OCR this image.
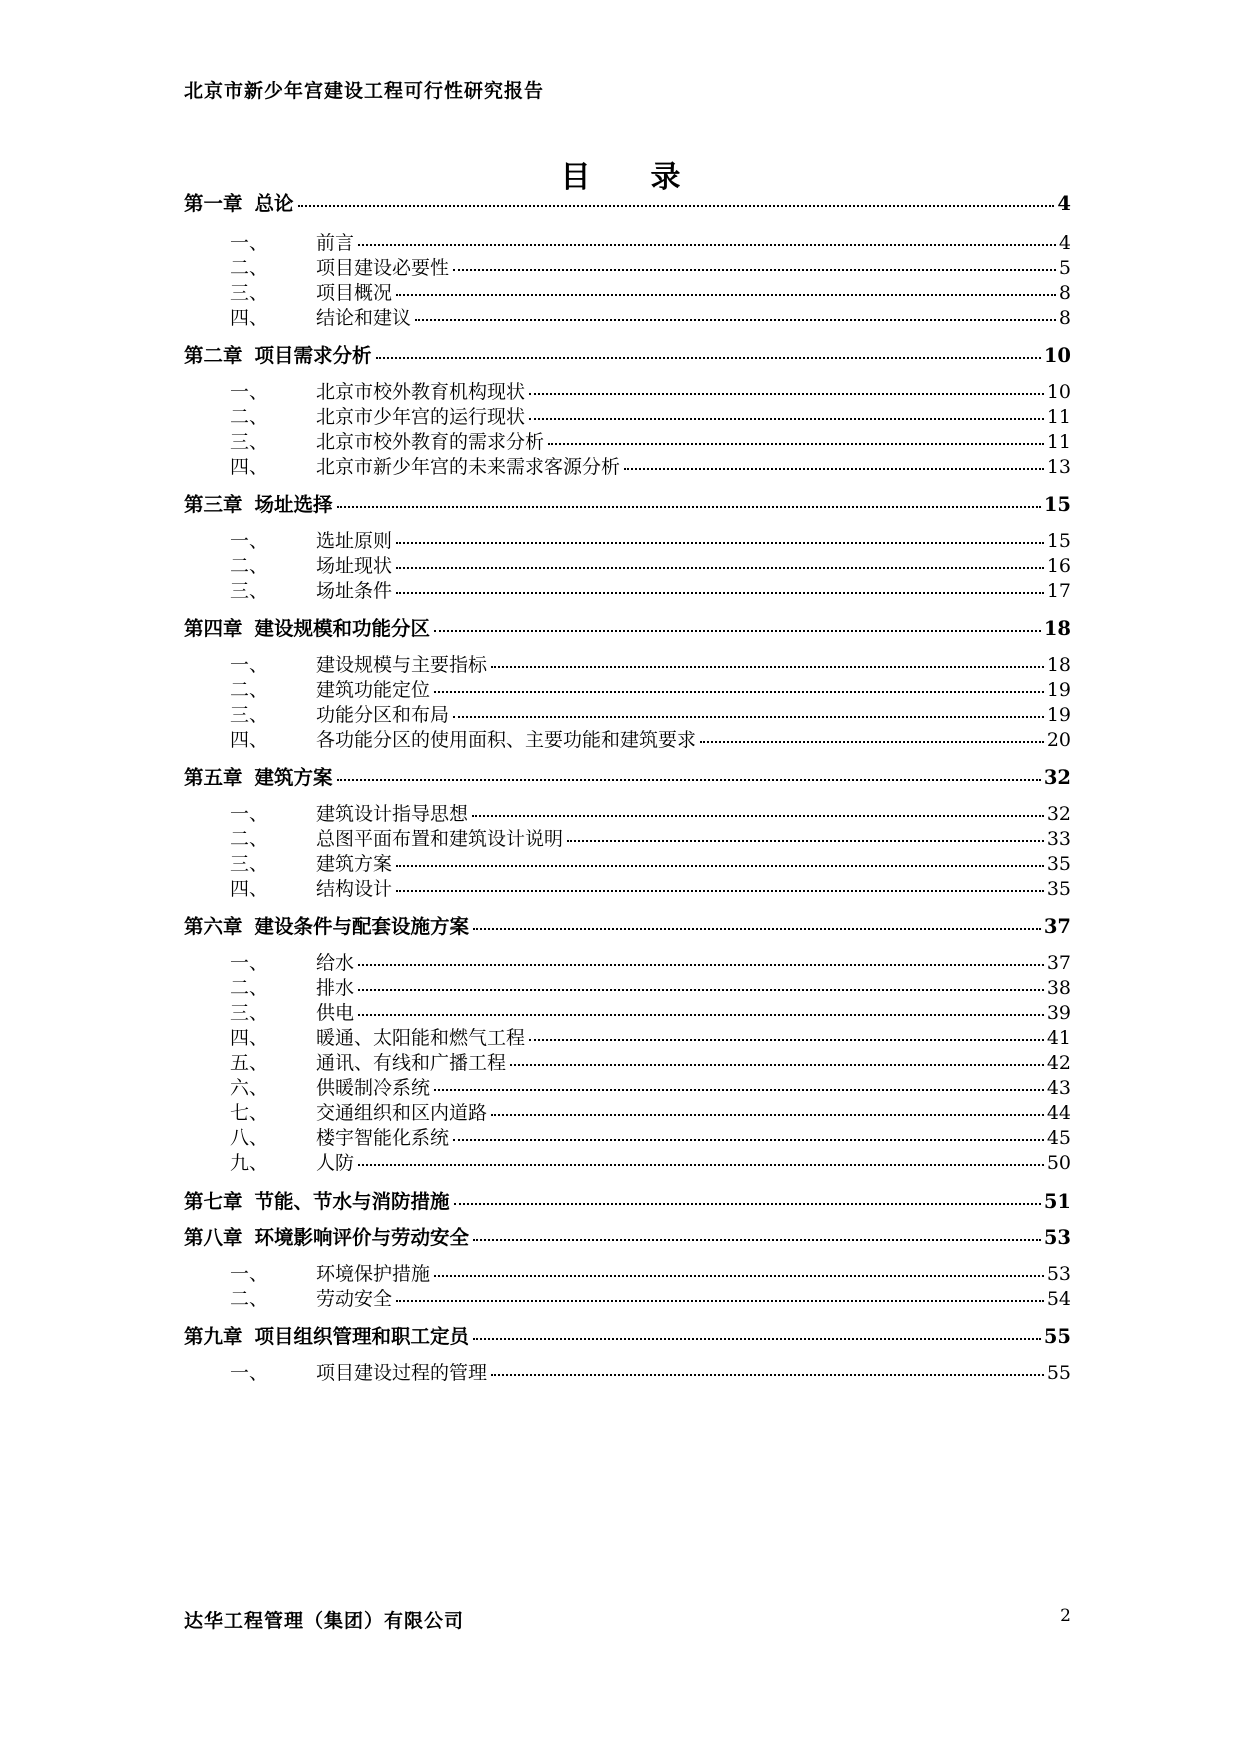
北京市新少年宫建设工程可行性研究报告
目　　录
第一章 总论	4
一、	前言	4
二、	项目建设必要性	5
三、	项目概况	8
四、	结论和建议	8
第二章 项目需求分析	10
一、	北京市校外教育机构现状	10
二、	北京市少年宫的运行现状	11
三、	北京市校外教育的需求分析	11
四、	北京市新少年宫的未来需求客源分析	13
第三章 场址选择	15
一、	选址原则	15
二、	场址现状	16
三、	场址条件	17
第四章 建设规模和功能分区	18
一、	建设规模与主要指标	18
二、	建筑功能定位	19
三、	功能分区和布局	19
四、	各功能分区的使用面积、主要功能和建筑要求	20
第五章 建筑方案	32
一、	建筑设计指导思想	32
二、	总图平面布置和建筑设计说明	33
三、	建筑方案	35
四、	结构设计	35
第六章 建设条件与配套设施方案	37
一、	给水	37
二、	排水	38
三、	供电	39
四、	暖通、太阳能和燃气工程	41
五、	通讯、有线和广播工程	42
六、	供暖制冷系统	43
七、	交通组织和区内道路	44
八、	楼宇智能化系统	45
九、	人防	50
第七章 节能、节水与消防措施	51
第八章 环境影响评价与劳动安全	53
一、	环境保护措施	53
二、	劳动安全	54
第九章 项目组织管理和职工定员	55
一、	项目建设过程的管理	55
达华工程管理（集团）有限公司	2
